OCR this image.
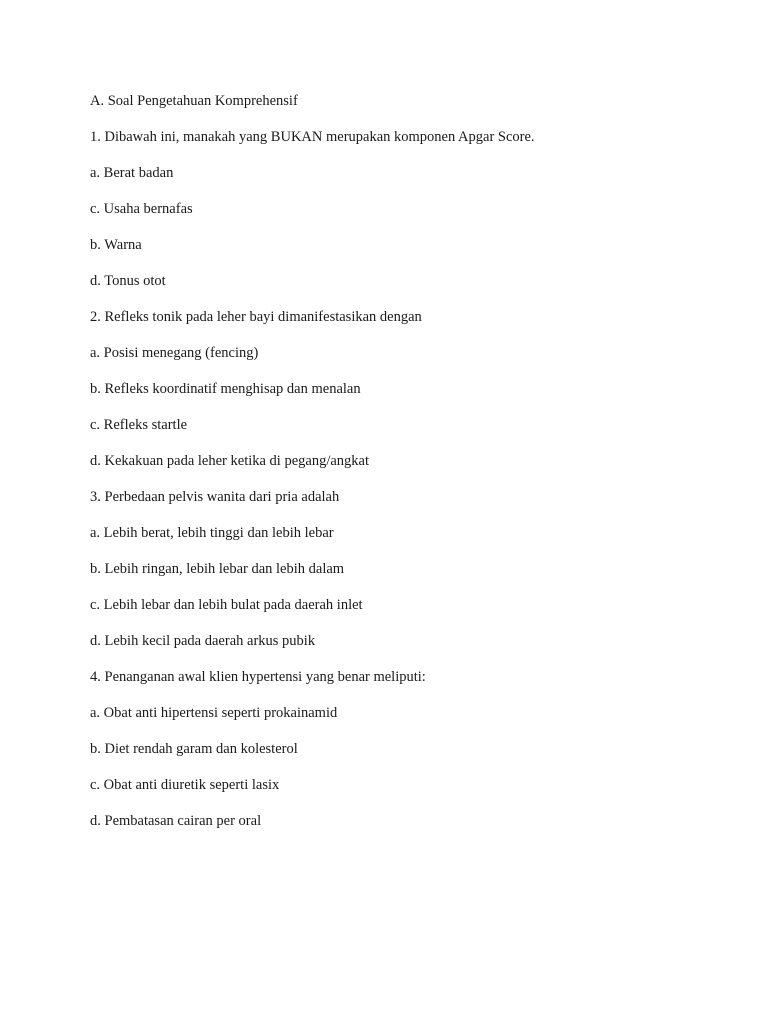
A. Soal Pengetahuan Komprehensif
1. Dibawah ini, manakah yang BUKAN merupakan komponen Apgar Score.
a. Berat badan
c. Usaha bernafas
b. Warna
d. Tonus otot
2. Refleks tonik pada leher bayi dimanifestasikan dengan
a. Posisi menegang (fencing)
b. Refleks koordinatif menghisap dan menalan
c. Refleks startle
d. Kekakuan pada leher ketika di pegang/angkat
3. Perbedaan pelvis wanita dari pria adalah
a. Lebih berat, lebih tinggi dan lebih lebar
b. Lebih ringan, lebih lebar dan lebih dalam
c. Lebih lebar dan lebih bulat pada daerah inlet
d. Lebih kecil pada daerah arkus pubik
4. Penanganan awal klien hypertensi yang benar meliputi:
a. Obat anti hipertensi seperti prokainamid
b. Diet rendah garam dan kolesterol
c. Obat anti diuretik seperti lasix
d. Pembatasan cairan per oral
